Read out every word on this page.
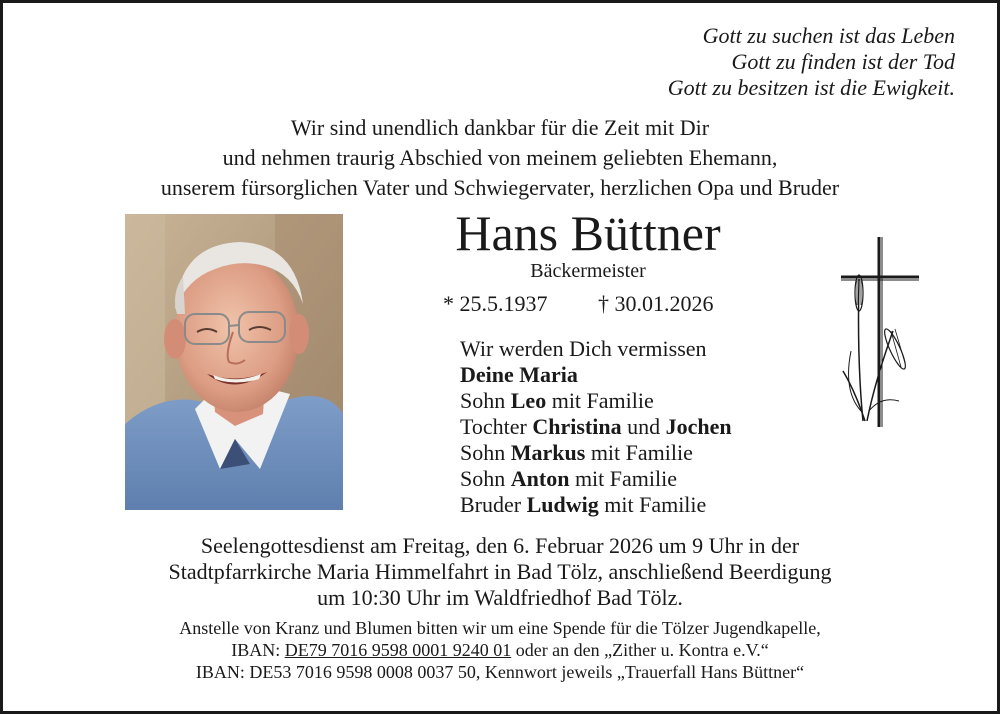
Gott zu suchen ist das Leben
Gott zu finden ist der Tod
Gott zu besitzen ist die Ewigkeit.
Wir sind unendlich dankbar für die Zeit mit Dir
und nehmen traurig Abschied von meinem geliebten Ehemann,
unserem fürsorglichen Vater und Schwiegervater, herzlichen Opa und Bruder
Hans Büttner
Bäckermeister
* 25.5.1937 † 30.01.2026
Wir werden Dich vermissen
Deine Maria
Sohn Leo mit Familie
Tochter Christina und Jochen
Sohn Markus mit Familie
Sohn Anton mit Familie
Bruder Ludwig mit Familie
Seelengottesdienst am Freitag, den 6. Februar 2026 um 9 Uhr in der
Stadtpfarrkirche Maria Himmelfahrt in Bad Tölz, anschließend Beerdigung
um 10:30 Uhr im Waldfriedhof Bad Tölz.
Anstelle von Kranz und Blumen bitten wir um eine Spende für die Tölzer Jugendkapelle,
IBAN: DE79 7016 9598 0001 9240 01 oder an den „Zither u. Kontra e.V.“
IBAN: DE53 7016 9598 0008 0037 50, Kennwort jeweils „Trauerfall Hans Büttner“
